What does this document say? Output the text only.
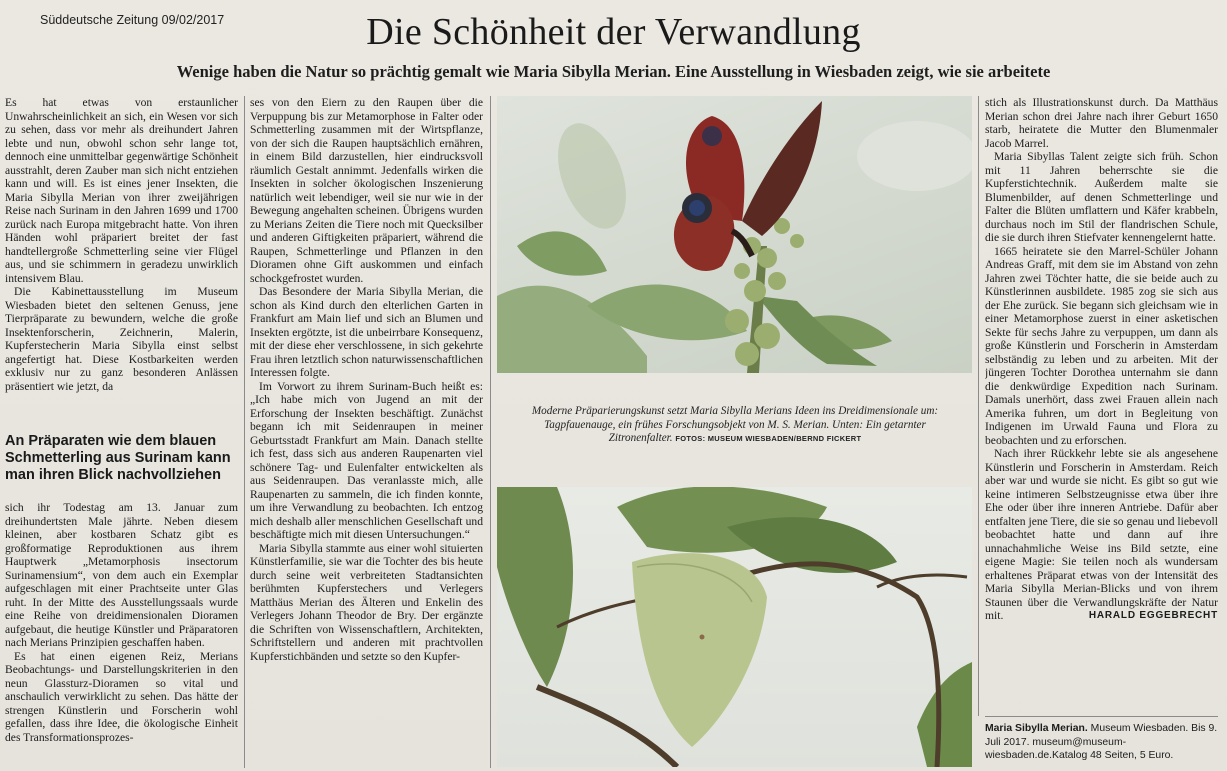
Süddeutsche Zeitung 09/02/2017	Die Schönheit der Verwandlung
Wenige haben die Natur so prächtig gemalt wie Maria Sibylla Merian. Eine Ausstellung in Wiesbaden zeigt, wie sie arbeitete

Es hat etwas von erstaunlicher Unwahrscheinlichkeit an sich, ein Wesen vor sich zu sehen, dass vor mehr als dreihundert Jahren lebte und nun, obwohl schon sehr lange tot, dennoch eine unmittelbar gegenwärtige Schönheit ausstrahlt, deren Zauber man sich nicht entziehen kann und will. Es ist eines jener Insekten, die Maria Sibylla Merian von ihrer zweijährigen Reise nach Surinam in den Jahren 1699 und 1700 zurück nach Europa mitgebracht hatte. Von ihren Händen wohl präpariert breitet der fast handtellergroße Schmetterling seine vier Flügel aus, und sie schimmern in geradezu unwirklich intensivem Blau.

Die Kabinettausstellung im Museum Wiesbaden bietet den seltenen Genuss, jene Tierpräparate zu bewundern, welche die große Insektenforscherin, Zeichnerin, Malerin, Kupferstecherin Maria Sibylla einst selbst angefertigt hat. Diese Kostbarkeiten werden exklusiv nur zu ganz besonderen Anlässen präsentiert wie jetzt, da

An Präparaten wie dem blauen Schmetterling aus Surinam kann man ihren Blick nachvollziehen

sich ihr Todestag am 13. Januar zum dreihundertsten Male jährte. Neben diesem kleinen, aber kostbaren Schatz gibt es großformatige Reproduktionen aus ihrem Hauptwerk „Metamorphosis insectorum Surinamensium“, von dem auch ein Exemplar aufgeschlagen mit einer Prachtseite unter Glas ruht. In der Mitte des Ausstellungssaals wurde eine Reihe von dreidimensionalen Dioramen aufgebaut, die heutige Künstler und Präparatoren nach Merians Prinzipien geschaffen haben.

Es hat einen eigenen Reiz, Merians Beobachtungs- und Darstellungskriterien in den neun Glassturz-Dioramen so vital und anschaulich verwirklicht zu sehen. Das hätte der strengen Künstlerin und Forscherin wohl gefallen, dass ihre Idee, die ökologische Einheit des Transformationsprozes-

ses von den Eiern zu den Raupen über die Verpuppung bis zur Metamorphose in Falter oder Schmetterling zusammen mit der Wirtspflanze, von der sich die Raupen hauptsächlich ernähren, in einem Bild darzustellen, hier eindrucksvoll räumlich Gestalt annimmt. Jedenfalls wirken die Insekten in solcher ökologischen Inszenierung natürlich weit lebendiger, weil sie nur wie in der Bewegung angehalten scheinen. Übrigens wurden zu Merians Zeiten die Tiere noch mit Quecksilber und anderen Giftigkeiten präpariert, während die Raupen, Schmetterlinge und Pflanzen in den Dioramen ohne Gift auskommen und einfach schockgefrostet wurden.

Das Besondere der Maria Sibylla Merian, die schon als Kind durch den elterlichen Garten in Frankfurt am Main lief und sich an Blumen und Insekten ergötzte, ist die unbeirrbare Konsequenz, mit der diese eher verschlossene, in sich gekehrte Frau ihren letztlich schon naturwissenschaftlichen Interessen folgte.

Im Vorwort zu ihrem Surinam-Buch heißt es: „Ich habe mich von Jugend an mit der Erforschung der Insekten beschäftigt. Zunächst begann ich mit Seidenraupen in meiner Geburtsstadt Frankfurt am Main. Danach stellte ich fest, dass sich aus anderen Raupenarten viel schönere Tag- und Eulenfalter entwickelten als aus Seidenraupen. Das veranlasste mich, alle Raupenarten zu sammeln, die ich finden konnte, um ihre Verwandlung zu beobachten. Ich entzog mich deshalb aller menschlichen Gesellschaft und beschäftigte mich mit diesen Untersuchungen.“

Maria Sibylla stammte aus einer wohl situierten Künstlerfamilie, sie war die Tochter des bis heute durch seine weit verbreiteten Stadtansichten berühmten Kupferstechers und Verlegers Matthäus Merian des Älteren und Enkelin des Verlegers Johann Theodor de Bry. Der ergänzte die Schriften von Wissenschaftlern, Architekten, Schriftstellern und anderen mit prachtvollen Kupferstichbänden und setzte so den Kupfer-

Moderne Präparierungskunst setzt Maria Sibylla Merians Ideen ins Dreidimensionale um: Tagpfauenauge, ein frühes Forschungsobjekt von M. S. Merian. Unten: Ein getarnter Zitronenfalter. FOTOS: MUSEUM WIESBADEN/BERND FICKERT

stich als Illustrationskunst durch. Da Matthäus Merian schon drei Jahre nach ihrer Geburt 1650 starb, heiratete die Mutter den Blumenmaler Jacob Marrel.

Maria Sibyllas Talent zeigte sich früh. Schon mit 11 Jahren beherrschte sie die Kupferstichtechnik. Außerdem malte sie Blumenbilder, auf denen Schmetterlinge und Falter die Blüten umflattern und Käfer krabbeln, durchaus noch im Stil der flandrischen Schule, die sie durch ihren Stiefvater kennengelernt hatte.

1665 heiratete sie den Marrel-Schüler Johann Andreas Graff, mit dem sie im Abstand von zehn Jahren zwei Töchter hatte, die sie beide auch zu Künstlerinnen ausbildete. 1985 zog sie sich aus der Ehe zurück. Sie begann sich gleichsam wie in einer Metamorphose zuerst in einer asketischen Sekte für sechs Jahre zu verpuppen, um dann als große Künstlerin und Forscherin in Amsterdam selbständig zu leben und zu arbeiten. Mit der jüngeren Tochter Dorothea unternahm sie dann die denkwürdige Expedition nach Surinam. Damals unerhört, dass zwei Frauen allein nach Amerika fuhren, um dort in Begleitung von Indigenen im Urwald Fauna und Flora zu beobachten und zu erforschen.

Nach ihrer Rückkehr lebte sie als angesehene Künstlerin und Forscherin in Amsterdam. Reich aber war und wurde sie nicht. Es gibt so gut wie keine intimeren Selbstzeugnisse etwa über ihre Ehe oder über ihre inneren Antriebe. Dafür aber entfalten jene Tiere, die sie so genau und liebevoll beobachtet hatte und dann auf ihre unnachahmliche Weise ins Bild setzte, eine eigene Magie: Sie teilen noch als wundersam erhaltenes Präparat etwas von der Intensität des Maria Sibylla Merian-Blicks und von ihrem Staunen über die Verwandlungskräfte der Natur mit.	HARALD EGGEBRECHT

Maria Sibylla Merian. Museum Wiesbaden. Bis 9. Juli 2017. museum@museum-wiesbaden.de.Katalog 48 Seiten, 5 Euro.
